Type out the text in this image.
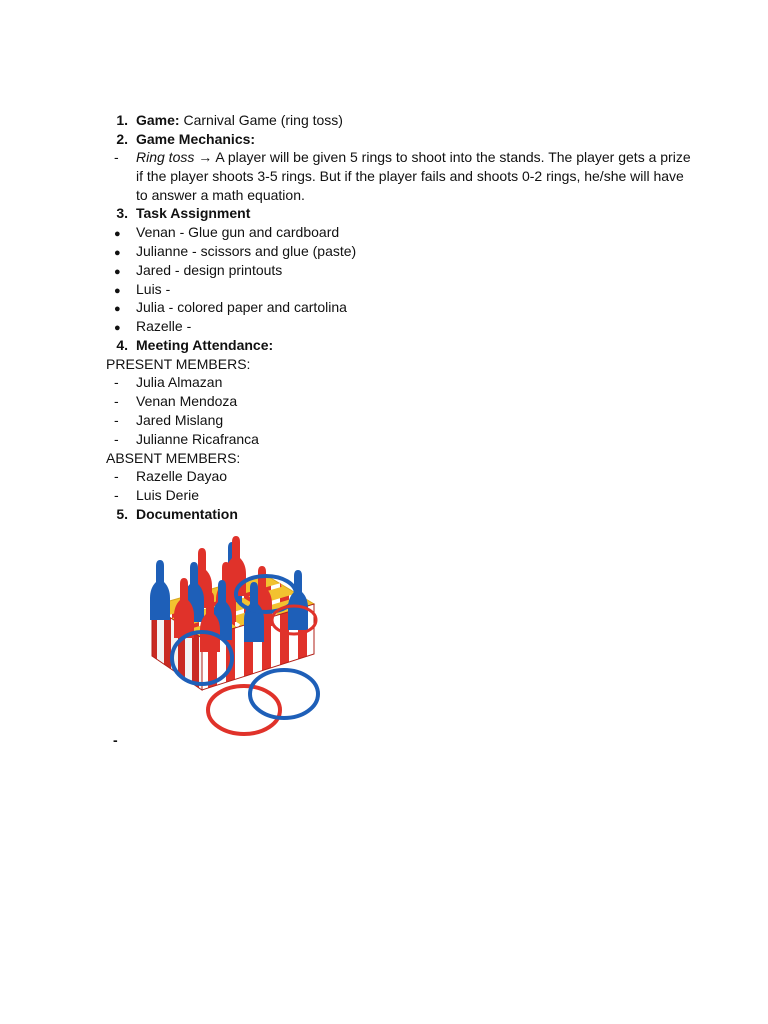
1. Game: Carnival Game (ring toss)
2. Game Mechanics:
- Ring toss → A player will be given 5 rings to shoot into the stands. The player gets a prize if the player shoots 3-5 rings. But if the player fails and shoots 0-2 rings, he/she will have to answer a math equation.
3. Task Assignment
● Venan - Glue gun and cardboard
● Julianne - scissors and glue (paste)
● Jared - design printouts
● Luis -
● Julia - colored paper and cartolina
● Razelle -
4. Meeting Attendance:
PRESENT MEMBERS:
- Julia Almazan
- Venan Mendoza
- Jared Mislang
- Julianne Ricafranca
ABSENT MEMBERS:
- Razelle Dayao
- Luis Derie
5. Documentation
-
